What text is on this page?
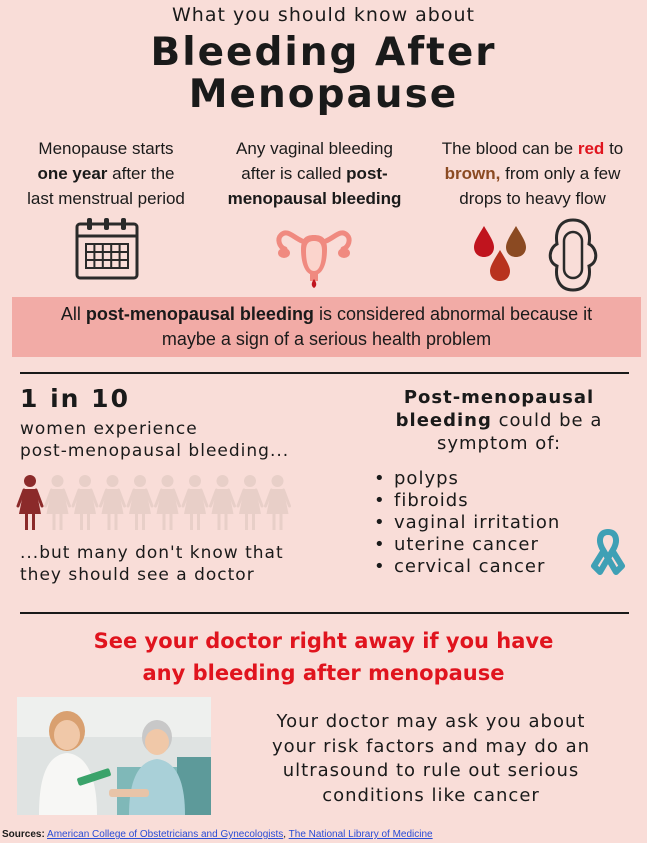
What you should know about
Bleeding After
Menopause
Menopause starts
one year after the
last menstrual period
Any vaginal bleeding
after is called post-
menopausal bleeding
The blood can be red to
brown, from only a few
drops to heavy flow
All post-menopausal bleeding is considered abnormal because it
maybe a sign of a serious health problem
1 in 10
women experience
post-menopausal bleeding...
...but many don't know that
they should see a doctor
Post-menopausal
bleeding could be a
symptom of:
• polyps
• fibroids
• vaginal irritation
• uterine cancer
• cervical cancer
See your doctor right away if you have
any bleeding after menopause
Your doctor may ask you about
your risk factors and may do an
ultrasound to rule out serious
conditions like cancer
Sources: American College of Obstetricians and Gynecologists, The National Library of Medicine
